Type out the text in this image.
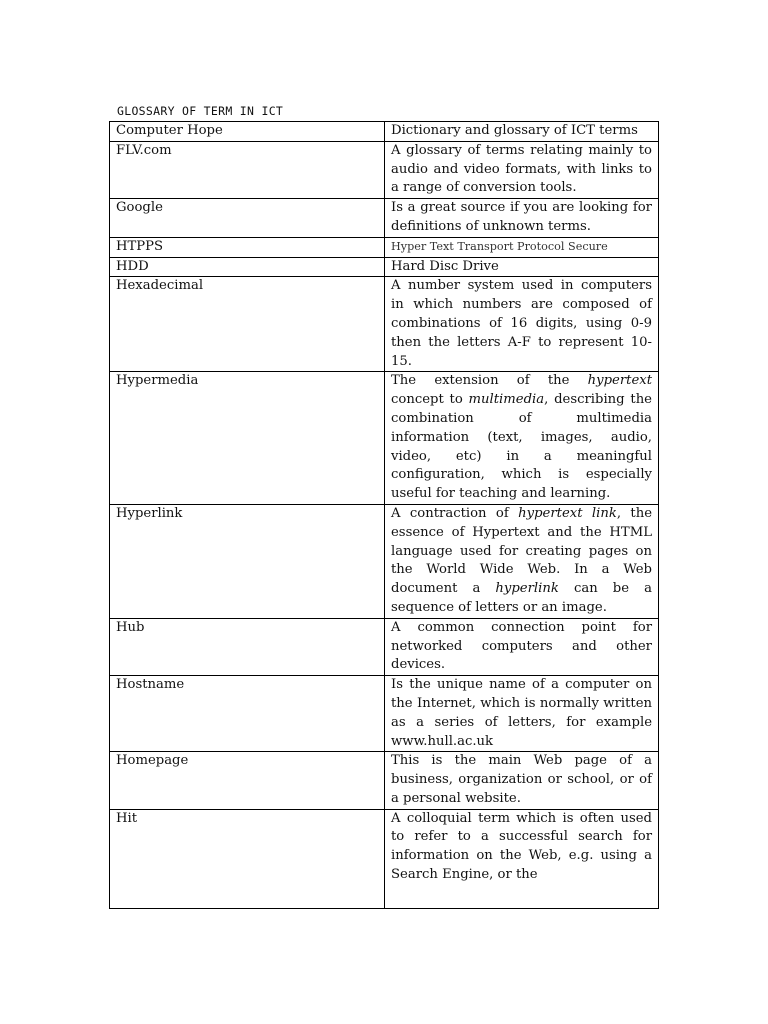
GLOSSARY OF TERM IN ICT
Computer Hope	Dictionary and glossary of ICT terms
FLV.com	A glossary of terms relating mainly to audio and video formats, with links to a range of conversion tools.
Google	Is a great source if you are looking for definitions of unknown terms.
HTPPS	Hyper Text Transport Protocol Secure
HDD	Hard Disc Drive
Hexadecimal	A number system used in computers in which numbers are composed of combinations of 16 digits, using 0-9 then the letters A-F to represent 10-15.
Hypermedia	The extension of the hypertext concept to multimedia, describing the combination of multimedia information (text, images, audio, video, etc) in a meaningful configuration, which is especially useful for teaching and learning.
Hyperlink	A contraction of hypertext link, the essence of Hypertext and the HTML language used for creating pages on the World Wide Web. In a Web document a hyperlink can be a sequence of letters or an image.
Hub	A common connection point for networked computers and other devices.
Hostname	Is the unique name of a computer on the Internet, which is normally written as a series of letters, for example www.hull.ac.uk
Homepage	This is the main Web page of a business, organization or school, or of a personal website.
Hit	A colloquial term which is often used to refer to a successful search for information on the Web, e.g. using a Search Engine, or the
